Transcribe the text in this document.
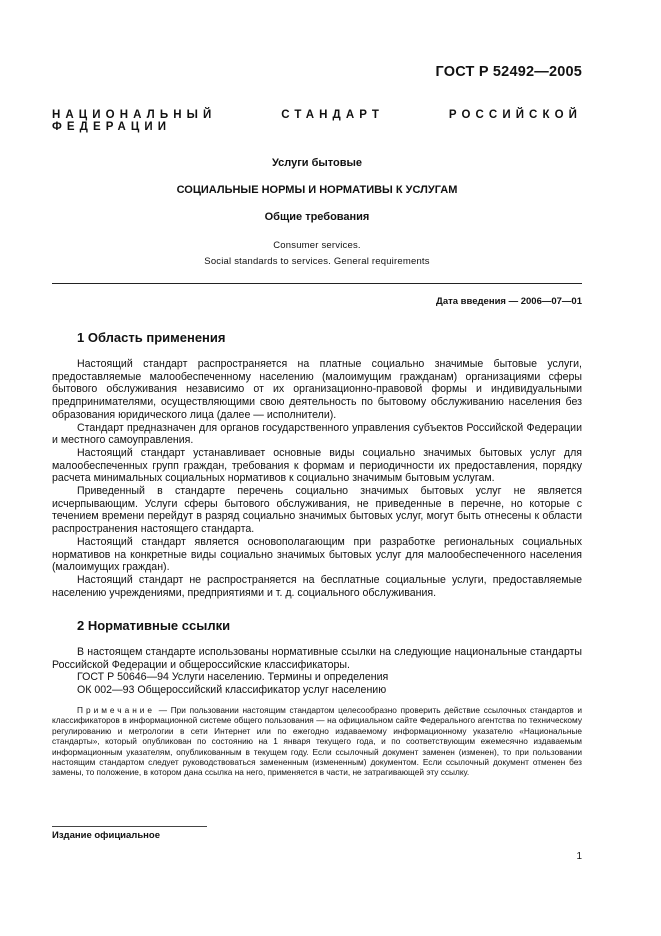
ГОСТ Р 52492—2005
НАЦИОНАЛЬНЫЙ СТАНДАРТ РОССИЙСКОЙ ФЕДЕРАЦИИ
Услуги бытовые
СОЦИАЛЬНЫЕ НОРМЫ И НОРМАТИВЫ К УСЛУГАМ
Общие требования
Consumer services.
Social standards to services. General requirements
Дата введения — 2006—07—01
1 Область применения

Настоящий стандарт распространяется на платные социально значимые бытовые услуги, предоставляемые малообеспеченному населению (малоимущим гражданам) организациями сферы бытового обслуживания независимо от их организационно-правовой формы и индивидуальными предпринимателями, осуществляющими свою деятельность по бытовому обслуживанию населения без образования юридического лица (далее — исполнители).

Стандарт предназначен для органов государственного управления субъектов Российской Федерации и местного самоуправления.

Настоящий стандарт устанавливает основные виды социально значимых бытовых услуг для малообеспеченных групп граждан, требования к формам и периодичности их предоставления, порядку расчета минимальных социальных нормативов к социально значимым бытовым услугам.

Приведенный в стандарте перечень социально значимых бытовых услуг не является исчерпывающим. Услуги сферы бытового обслуживания, не приведенные в перечне, но которые с течением времени перейдут в разряд социально значимых бытовых услуг, могут быть отнесены к области распространения настоящего стандарта.

Настоящий стандарт является основополагающим при разработке региональных социальных нормативов на конкретные виды социально значимых бытовых услуг для малообеспеченного населения (малоимущих граждан).

Настоящий стандарт не распространяется на бесплатные социальные услуги, предоставляемые населению учреждениями, предприятиями и т. д. социального обслуживания.

2 Нормативные ссылки

В настоящем стандарте использованы нормативные ссылки на следующие национальные стандарты Российской Федерации и общероссийские классификаторы.

ГОСТ Р 50646—94 Услуги населению. Термины и определения

ОК 002—93 Общероссийский классификатор услуг населению

Примечание — При пользовании настоящим стандартом целесообразно проверить действие ссылочных стандартов и классификаторов в информационной системе общего пользования — на официальном сайте Федерального агентства по техническому регулированию и метрологии в сети Интернет или по ежегодно издаваемому информационному указателю «Национальные стандарты», который опубликован по состоянию на 1 января текущего года, и по соответствующим ежемесячно издаваемым информационным указателям, опубликованным в текущем году. Если ссылочный документ заменен (изменен), то при пользовании настоящим стандартом следует руководствоваться замененным (измененным) документом. Если ссылочный документ отменен без замены, то положение, в котором дана ссылка на него, применяется в части, не затрагивающей эту ссылку.

Издание официальное
1
